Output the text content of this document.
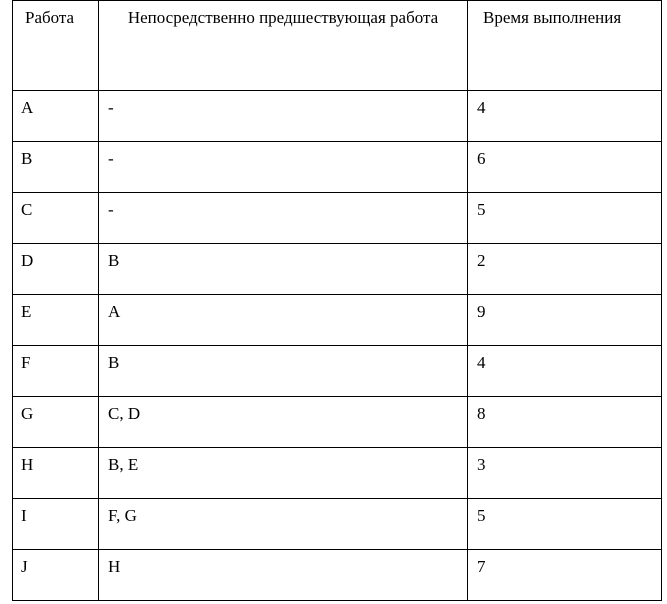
Работа	Непосредственно предшествующая работа	Время выполнения
A	-	4
B	-	6
C	-	5
D	B	2
E	A	9
F	B	4
G	C, D	8
H	B, E	3
I	F, G	5
J	H	7
